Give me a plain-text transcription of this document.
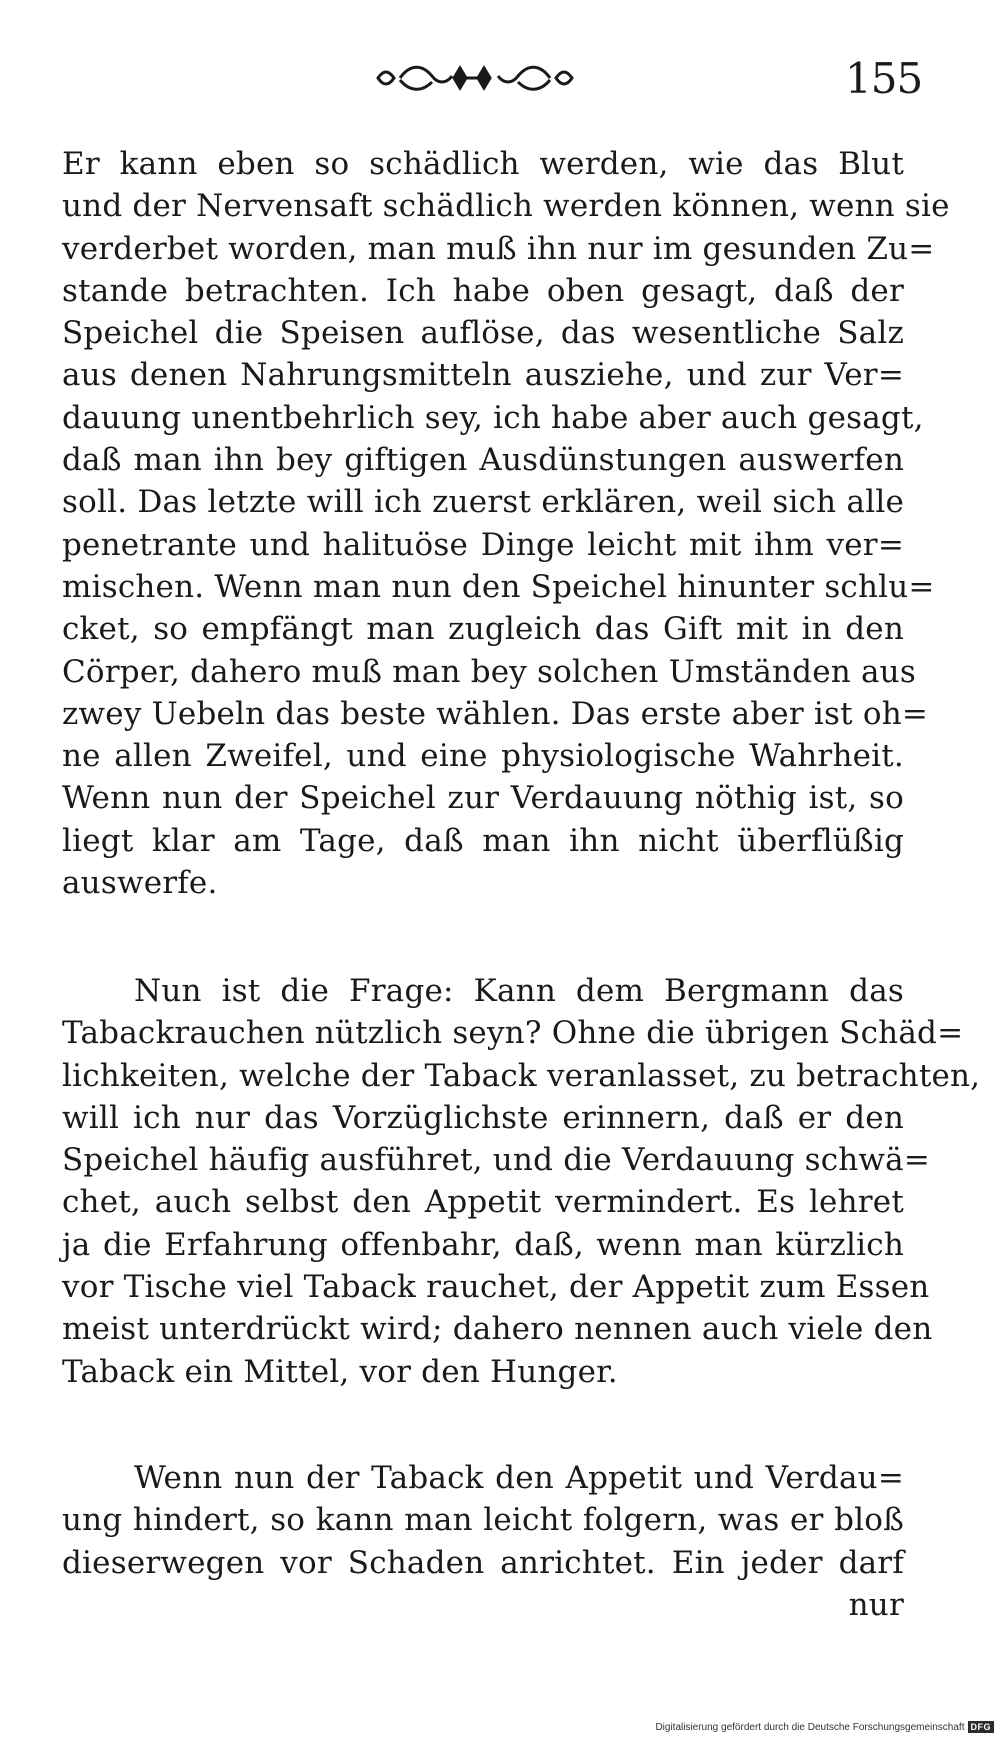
155
Er kann eben so schädlich werden, wie das Blut
und der Nervensaft schädlich werden können, wenn sie
verderbet worden, man muß ihn nur im gesunden Zu=
stande betrachten. Ich habe oben gesagt, daß der
Speichel die Speisen auflöse, das wesentliche Salz
aus denen Nahrungsmitteln ausziehe, und zur Ver=
dauung unentbehrlich sey, ich habe aber auch gesagt,
daß man ihn bey giftigen Ausdünstungen auswerfen
soll. Das letzte will ich zuerst erklären, weil sich alle
penetrante und halituöse Dinge leicht mit ihm ver=
mischen. Wenn man nun den Speichel hinunter schlu=
cket, so empfängt man zugleich das Gift mit in den
Cörper, dahero muß man bey solchen Umständen aus
zwey Uebeln das beste wählen. Das erste aber ist oh=
ne allen Zweifel, und eine physiologische Wahrheit.
Wenn nun der Speichel zur Verdauung nöthig ist, so
liegt klar am Tage, daß man ihn nicht überflüßig
auswerfe.
Nun ist die Frage: Kann dem Bergmann das
Tabackrauchen nützlich seyn? Ohne die übrigen Schäd=
lichkeiten, welche der Taback veranlasset, zu betrachten,
will ich nur das Vorzüglichste erinnern, daß er den
Speichel häufig ausführet, und die Verdauung schwä=
chet, auch selbst den Appetit vermindert. Es lehret
ja die Erfahrung offenbahr, daß, wenn man kürzlich
vor Tische viel Taback rauchet, der Appetit zum Essen
meist unterdrückt wird; dahero nennen auch viele den
Taback ein Mittel, vor den Hunger.
Wenn nun der Taback den Appetit und Verdau=
ung hindert, so kann man leicht folgern, was er bloß
dieserwegen vor Schaden anrichtet. Ein jeder darf
nur
Digitalisierung gefördert durch die Deutsche Forschungsgemeinschaft DFG
